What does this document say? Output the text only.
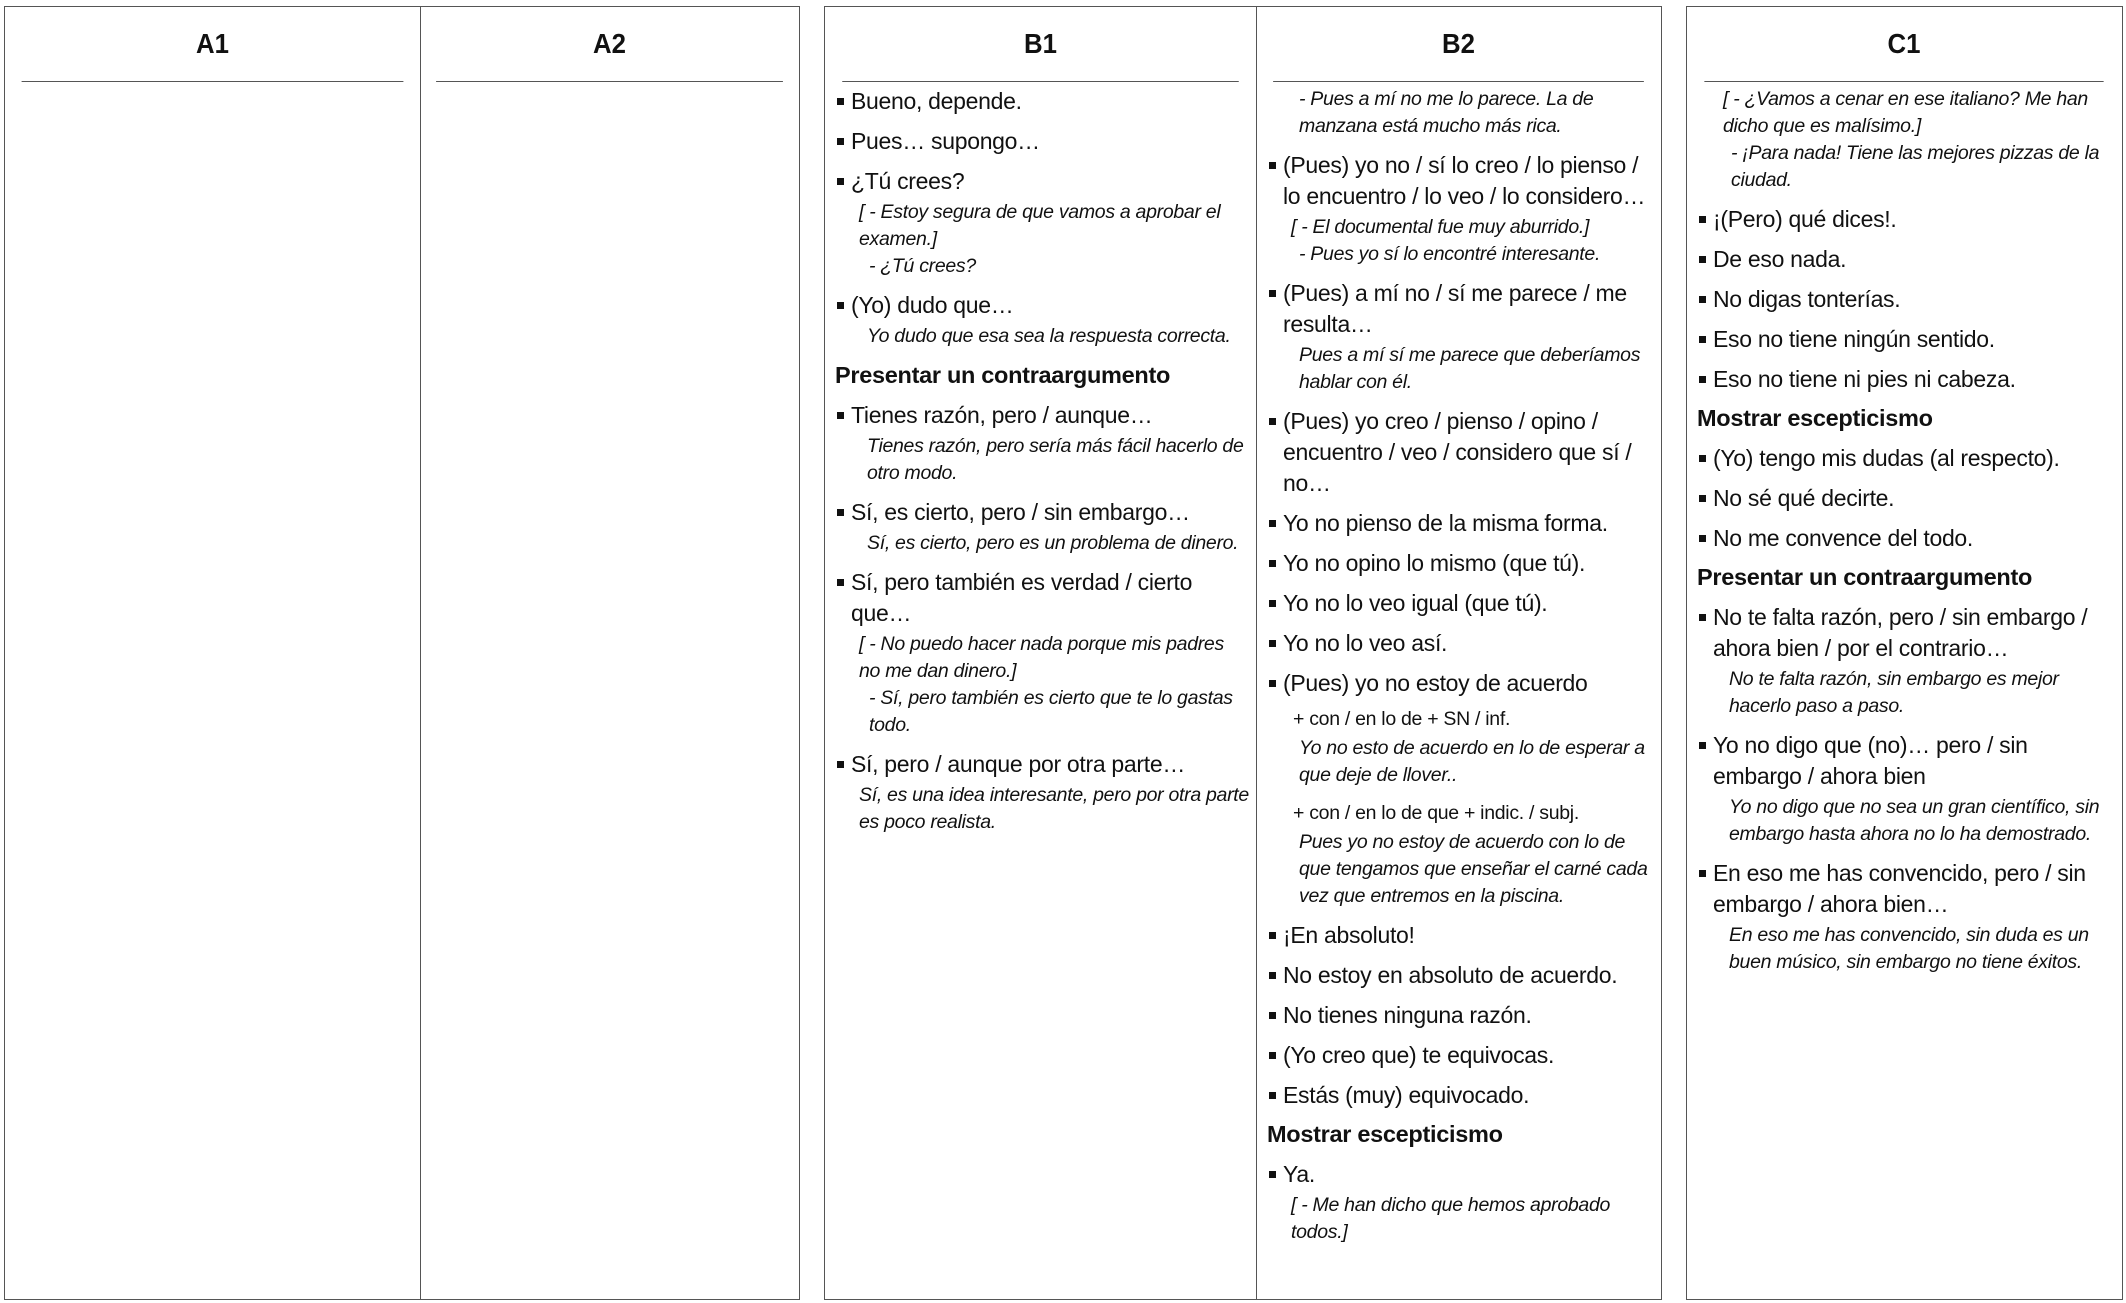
A1	A2	B1
Bueno, depende.
Pues… supongo…
¿Tú crees?
[ - Estoy segura de que vamos a aprobar el examen.]
- ¿Tú crees?
(Yo) dudo que…
Yo dudo que esa sea la respuesta correcta.
Presentar un contraargumento
Tienes razón, pero / aunque…
Tienes razón, pero sería más fácil hacerlo de otro modo.
Sí, es cierto, pero / sin embargo…
Sí, es cierto, pero es un problema de dinero.
Sí, pero también es verdad / cierto que…
[ - No puedo hacer nada porque mis padres no me dan dinero.]
- Sí, pero también es cierto que te lo gastas todo.
Sí, pero / aunque por otra parte…
Sí, es una idea interesante, pero por otra parte es poco realista.
B2
- Pues a mí no me lo parece. La de manzana está mucho más rica.
(Pues) yo no / sí lo creo / lo pienso / lo encuentro / lo veo / lo considero…
[ - El documental fue muy aburrido.]
- Pues yo sí lo encontré interesante.
(Pues) a mí no / sí me parece / me resulta…
Pues a mí sí me parece que deberíamos hablar con él.
(Pues) yo creo / pienso / opino / encuentro / veo / considero que sí / no…
Yo no pienso de la misma forma.
Yo no opino lo mismo (que tú).
Yo no lo veo igual (que tú).
Yo no lo veo así.
(Pues) yo no estoy de acuerdo
+ con / en lo de + SN / inf.
Yo no esto de acuerdo en lo de esperar a que deje de llover..
+ con / en lo de que + indic. / subj.
Pues yo no estoy de acuerdo con lo de que tengamos que enseñar el carné cada vez que entremos en la piscina.
¡En absoluto!
No estoy en absoluto de acuerdo.
No tienes ninguna razón.
(Yo creo que) te equivocas.
Estás (muy) equivocado.
Mostrar escepticismo
Ya.
[ - Me han dicho que hemos aprobado todos.]
C1
[ - ¿Vamos a cenar en ese italiano? Me han dicho que es malísimo.]
- ¡Para nada! Tiene las mejores pizzas de la ciudad.
¡(Pero) qué dices!.
De eso nada.
No digas tonterías.
Eso no tiene ningún sentido.
Eso no tiene ni pies ni cabeza.
Mostrar escepticismo
(Yo) tengo mis dudas (al respecto).
No sé qué decirte.
No me convence del todo.
Presentar un contraargumento
No te falta razón, pero / sin embargo / ahora bien / por el contrario…
No te falta razón, sin embargo es mejor hacerlo paso a paso.
Yo no digo que (no)… pero / sin embargo / ahora bien
Yo no digo que no sea un gran científico, sin embargo hasta ahora no lo ha demostrado.
En eso me has convencido, pero / sin embargo / ahora bien…
En eso me has convencido, sin duda es un buen músico, sin embargo no tiene éxitos.
